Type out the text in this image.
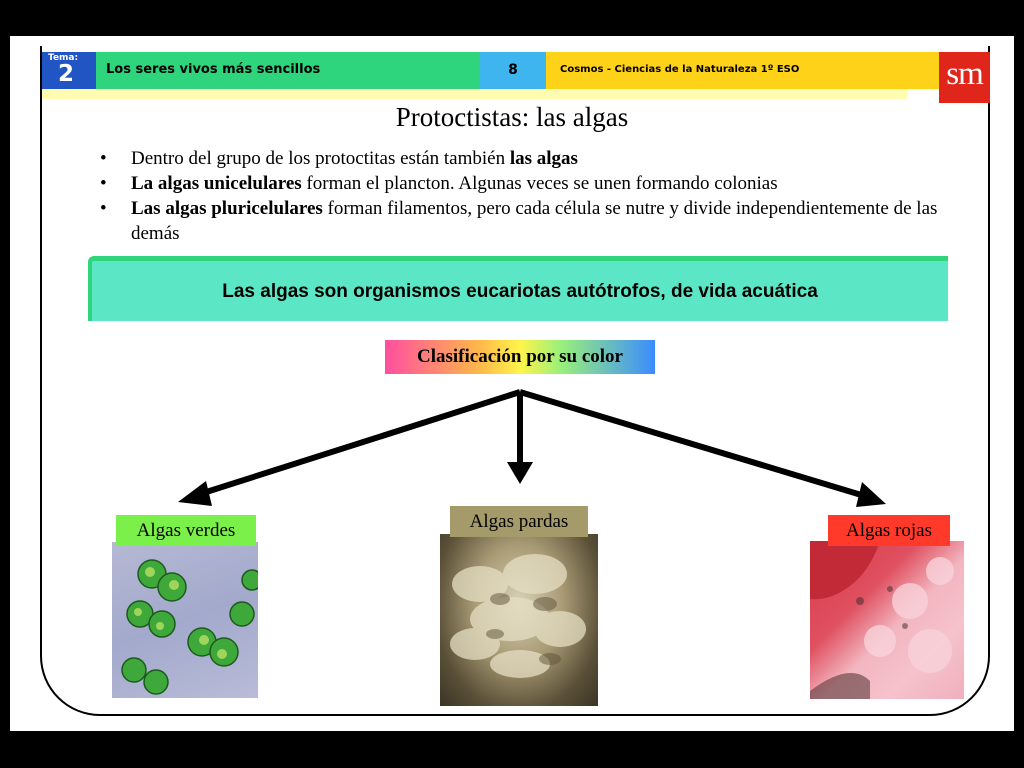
Tema:
2 Los seres vivos más sencillos	8	Cosmos - Ciencias de la Naturaleza 1º ESO	sm
Protoctistas: las algas
• Dentro del grupo de los protoctitas están también las algas
• La algas unicelulares forman el plancton. Algunas veces se unen formando colonias
• Las algas pluricelulares forman filamentos, pero cada célula se nutre y divide independientemente de las demás
Las algas son organismos eucariotas autótrofos, de vida acuática
Clasificación por su color
Algas verdes	Algas pardas	Algas rojas
